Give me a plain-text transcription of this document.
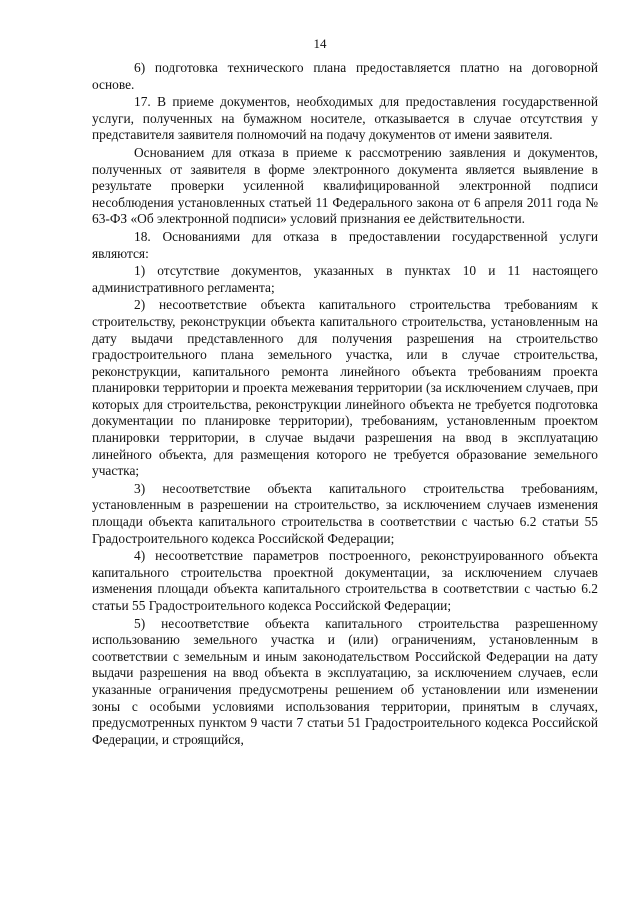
14

6) подготовка технического плана предоставляется платно на договорной основе.

17. В приеме документов, необходимых для предоставления государственной услуги, полученных на бумажном носителе, отказывается в случае отсутствия у представителя заявителя полномочий на подачу документов от имени заявителя.

Основанием для отказа в приеме к рассмотрению заявления и документов, полученных от заявителя в форме электронного документа является выявление в результате проверки усиленной квалифицированной электронной подписи несоблюдения установленных статьей 11 Федерального закона от 6 апреля 2011 года № 63-ФЗ «Об электронной подписи» условий признания ее действительности.

18. Основаниями для отказа в предоставлении государственной услуги являются:

1) отсутствие документов, указанных в пунктах 10 и 11 настоящего административного регламента;

2) несоответствие объекта капитального строительства требованиям к строительству, реконструкции объекта капитального строительства, установленным на дату выдачи представленного для получения разрешения на строительство градостроительного плана земельного участка, или в случае строительства, реконструкции, капитального ремонта линейного объекта требованиям проекта планировки территории и проекта межевания территории (за исключением случаев, при которых для строительства, реконструкции линейного объекта не требуется подготовка документации по планировке территории), требованиям, установленным проектом планировки территории, в случае выдачи разрешения на ввод в эксплуатацию линейного объекта, для размещения которого не требуется образование земельного участка;

3) несоответствие объекта капитального строительства требованиям, установленным в разрешении на строительство, за исключением случаев изменения площади объекта капитального строительства в соответствии с частью 6.2 статьи 55 Градостроительного кодекса Российской Федерации;

4) несоответствие параметров построенного, реконструированного объекта капитального строительства проектной документации, за исключением случаев изменения площади объекта капитального строительства в соответствии с частью 6.2 статьи 55 Градостроительного кодекса Российской Федерации;

5) несоответствие объекта капитального строительства разрешенному использованию земельного участка и (или) ограничениям, установленным в соответствии с земельным и иным законодательством Российской Федерации на дату выдачи разрешения на ввод объекта в эксплуатацию, за исключением случаев, если указанные ограничения предусмотрены решением об установлении или изменении зоны с особыми условиями использования территории, принятым в случаях, предусмотренных пунктом 9 части 7 статьи 51 Градостроительного кодекса Российской Федерации, и строящийся,
